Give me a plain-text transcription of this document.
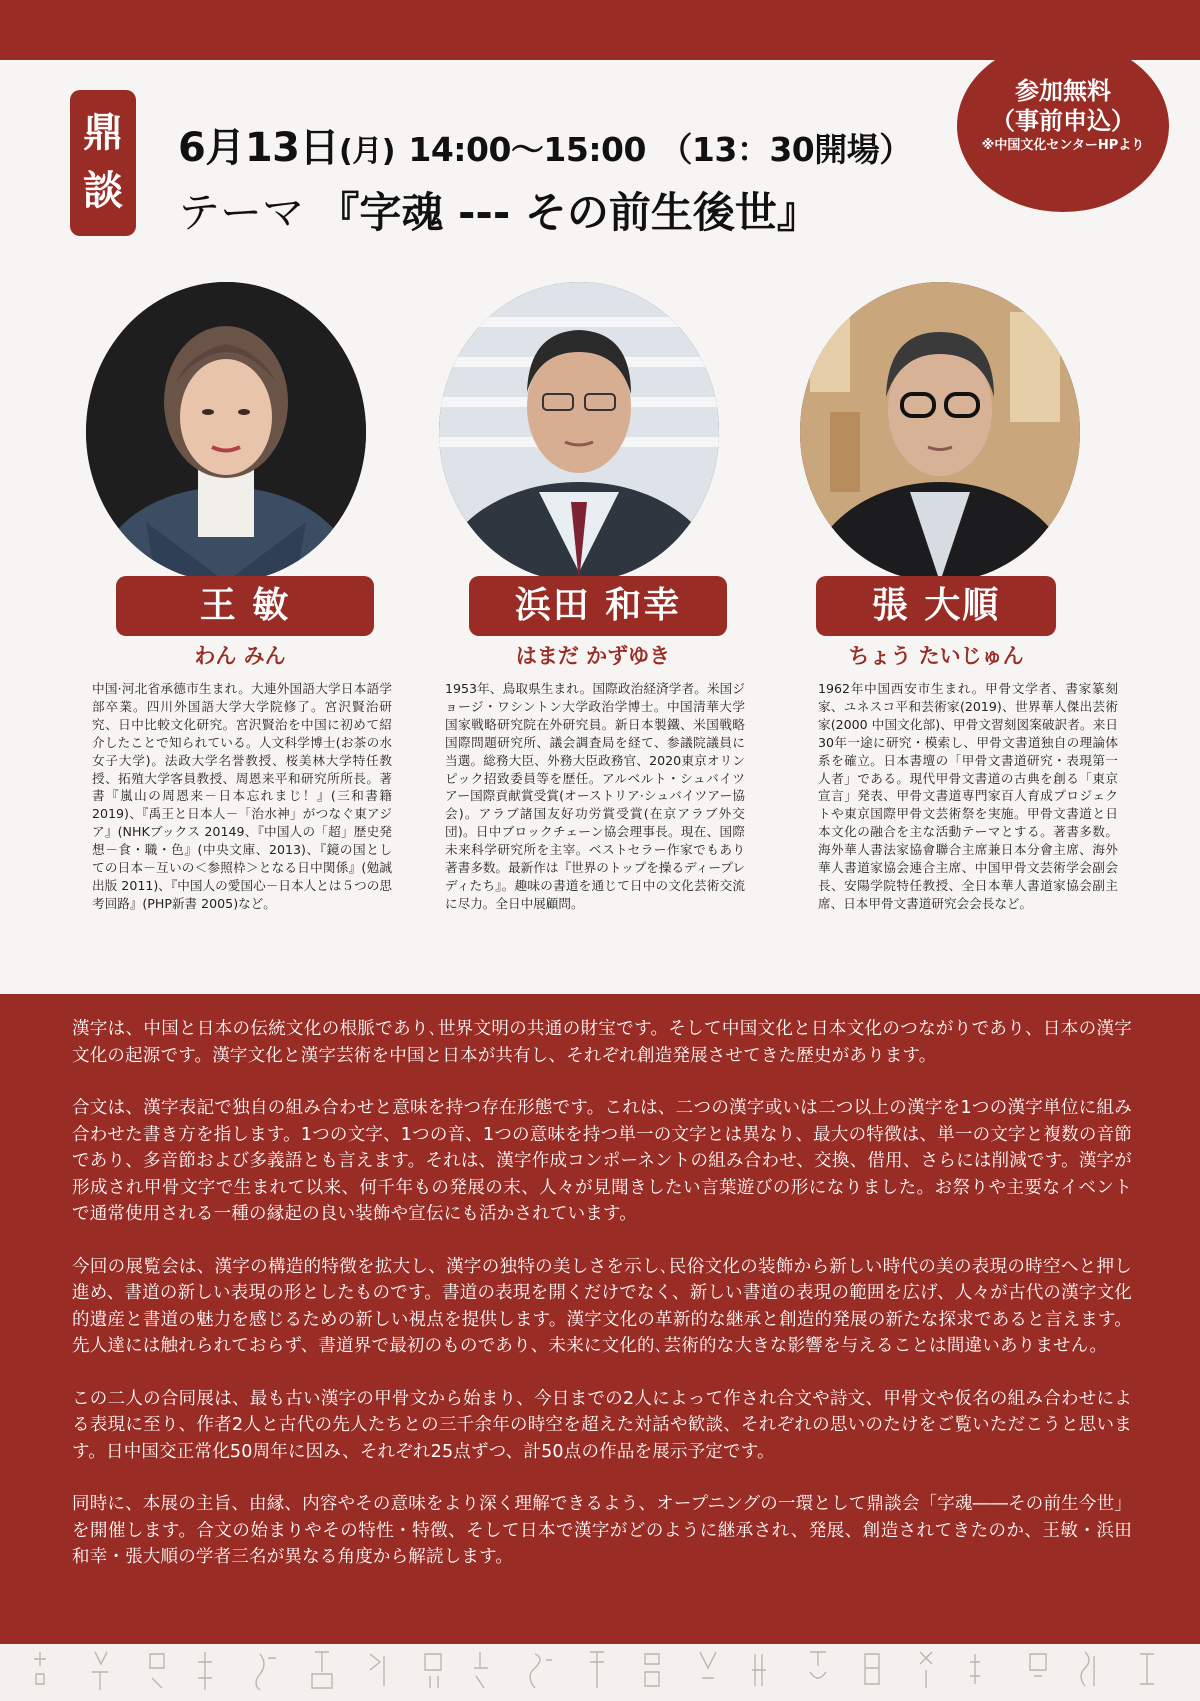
鼎
談
6月13日(月) 14:00〜15:00 （13：30開場）
テーマ 『字魂 --- その前生後世』
参加無料
（事前申込）
※中国文化センターHPより
王 敏
わん みん
中国·河北省承德市生まれ。大連外国語大学日本語学部卒業。四川外国語大学大学院修了。宮沢賢治研究、日中比較文化研究。宮沢賢治を中国に初めて紹介したことで知られている。人文科学博士(お茶の水女子大学)。法政大学名誉教授、桜美林大学特任教授、拓殖大学客員教授、周恩来平和研究所所長。著書『嵐山の周恩来－日本忘れまじ！』(三和書籍 2019)、『禹王と日本人－「治水神」がつなぐ東アジア』(NHKブックス 20149、『中国人の「超」歴史発想－食・職・色』(中央文庫、2013)、『鏡の国としての日本－互いの＜参照枠＞となる日中関係』(勉誠出版 2011)、『中国人の愛国心－日本人とは５つの思考回路』(PHP新書 2005)など。
浜田 和幸
はまだ かずゆき
1953年、鳥取県生まれ。国際政治経済学者。米国ジョージ・ワシントン大学政治学博士。中国清華大学国家戦略研究院在外研究員。新日本製鐵、米国戦略国際問題研究所、議会調査局を経て、参議院議員に当選。総務大臣、外務大臣政務官、2020東京オリンピック招致委員等を歴任。アルベルト・シュバイツアー国際貢献賞受賞(オーストリア·シュバイツアー協会)。アラブ諸国友好功労賞受賞(在京アラブ外交団)。日中ブロックチェーン協会理事長。現在、国際未来科学研究所を主宰。ベストセラー作家でもあり著書多数。最新作は『世界のトップを操るディープレディたち』。趣味の書道を通じて日中の文化芸術交流に尽力。全日中展顧問。
張 大順
ちょう たいじゅん
1962年中国西安市生まれ。甲骨文学者、書家篆刻家、ユネスコ平和芸術家(2019)、世界華人傑出芸術家(2000 中国文化部)、甲骨文習刻図案破訳者。来日30年一途に研究・模索し、甲骨文書道独自の理論体系を確立。日本書壇の「甲骨文書道研究・表現第一人者」である。現代甲骨文書道の古典を創る「東京宣言」発表、甲骨文書道専門家百人育成プロジェクトや東京国際甲骨文芸術祭を実施。甲骨文書道と日本文化の融合を主な活動テーマとする。著書多数。海外華人書法家協會聯合主席兼日本分會主席、海外華人書道家協会連合主席、中国甲骨文芸術学会副会長、安陽学院特任教授、全日本華人書道家協会副主席、日本甲骨文書道研究会会長など。

漢字は、中国と日本の伝統文化の根脈であり､世界文明の共通の財宝です。そして中国文化と日本文化のつながりであり、日本の漢字文化の起源です。漢字文化と漢字芸術を中国と日本が共有し、それぞれ創造発展させてきた歴史があります。

合文は、漢字表記で独自の組み合わせと意味を持つ存在形態です。これは、二つの漢字或いは二つ以上の漢字を1つの漢字単位に組み合わせた書き方を指します。1つの文字、1つの音、1つの意味を持つ単一の文字とは異なり、最大の特徴は、単一の文字と複数の音節であり、多音節および多義語とも言えます。それは、漢字作成コンポーネントの組み合わせ、交換、借用、さらには削減です。漢字が形成され甲骨文字で生まれて以来、何千年もの発展の末、人々が見聞きしたい言葉遊びの形になりました。お祭りや主要なイベントで通常使用される一種の縁起の良い装飾や宣伝にも活かされています。

今回の展覧会は、漢字の構造的特徴を拡大し、漢字の独特の美しさを示し､民俗文化の装飾から新しい時代の美の表現の時空へと押し進め、書道の新しい表現の形としたものです。書道の表現を開くだけでなく、新しい書道の表現の範囲を広げ、人々が古代の漢字文化的遺産と書道の魅力を感じるための新しい視点を提供します。漢字文化の革新的な継承と創造的発展の新たな探求であると言えます。先人達には触れられておらず、書道界で最初のものであり、未来に文化的､芸術的な大きな影響を与えることは間違いありません。

この二人の合同展は、最も古い漢字の甲骨文から始まり、今日までの2人によって作され合文や詩文、甲骨文や仮名の組み合わせによる表現に至り、作者2人と古代の先人たちとの三千余年の時空を超えた対話や歓談、それぞれの思いのたけをご覧いただこうと思います。日中国交正常化50周年に因み、それぞれ25点ずつ、計50点の作品を展示予定です。

同時に、本展の主旨、由縁、内容やその意味をより深く理解できるよう、オープニングの一環として鼎談会「字魂――その前生今世」を開催します。合文の始まりやその特性・特徴、そして日本で漢字がどのように継承され、発展、創造されてきたのか、王敏・浜田和幸・張大順の学者三名が異なる角度から解読します。
